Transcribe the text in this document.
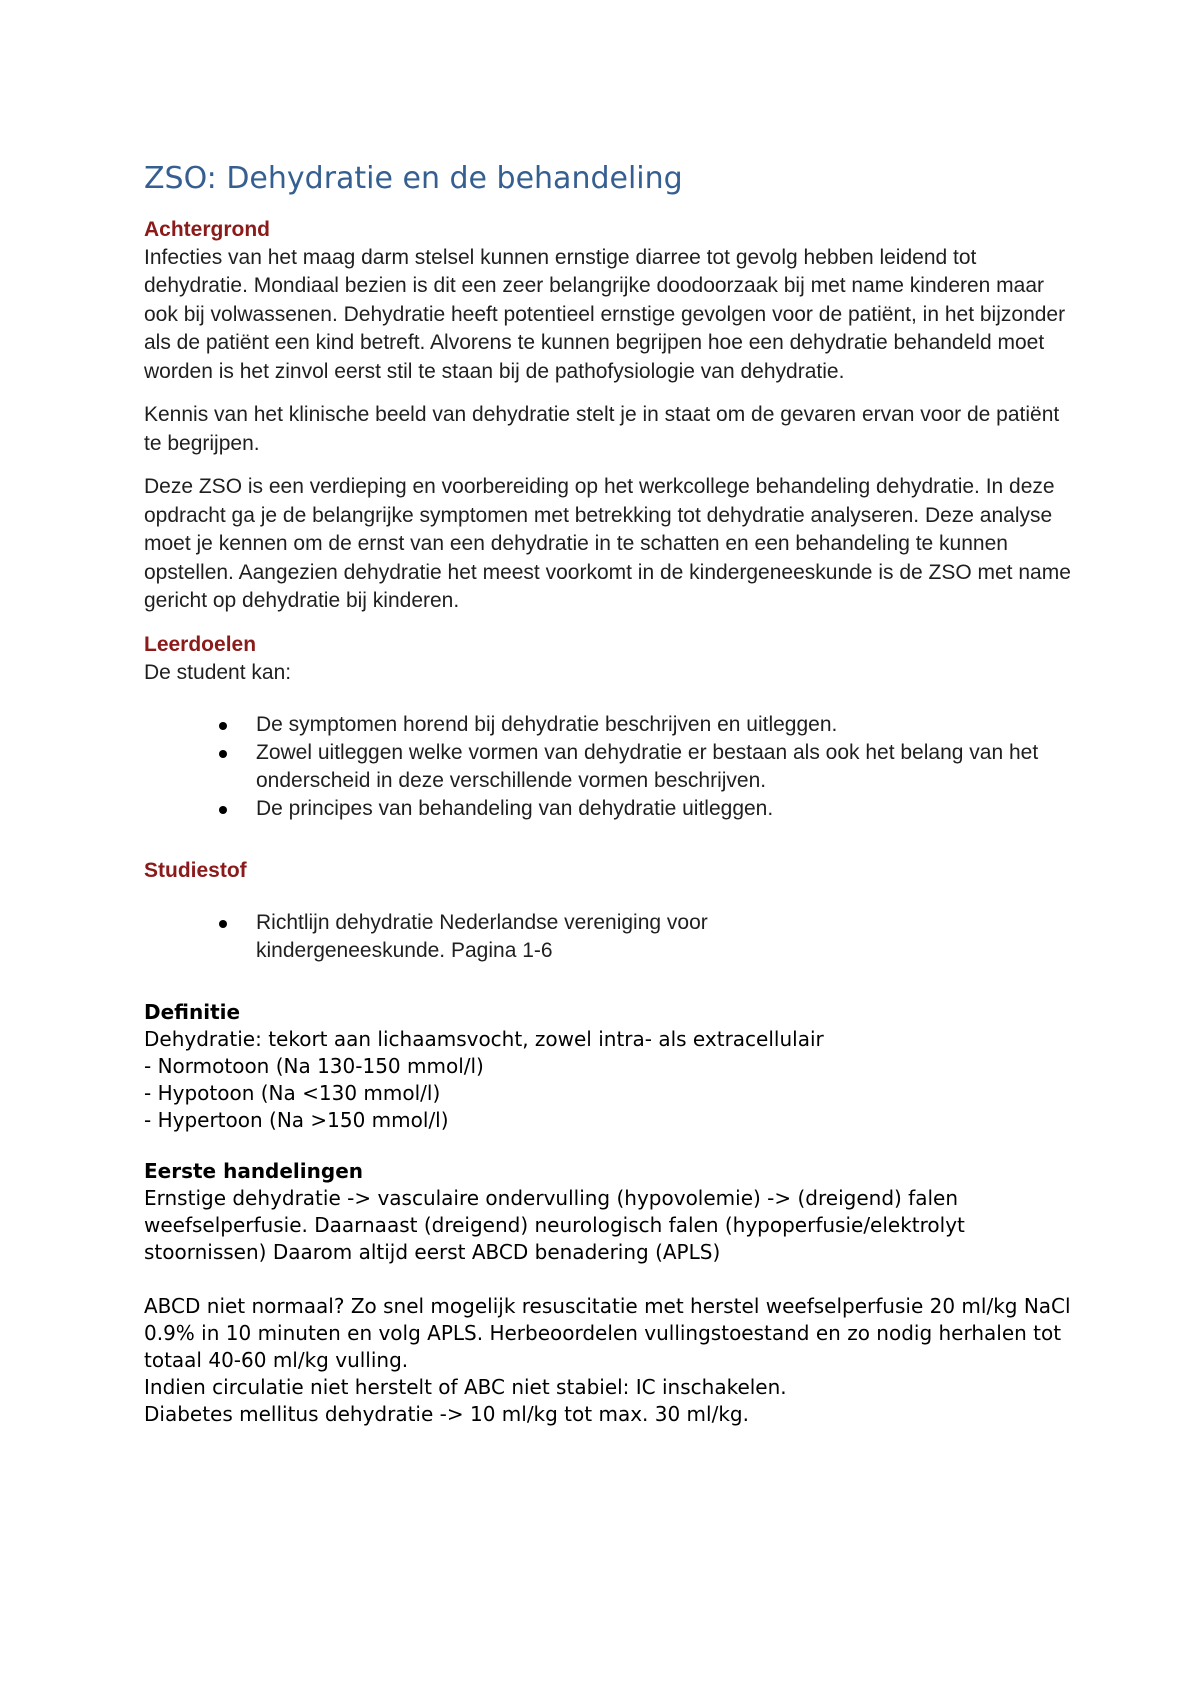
ZSO: Dehydratie en de behandeling
Achtergrond

Infecties van het maag darm stelsel kunnen ernstige diarree tot gevolg hebben leidend tot dehydratie. Mondiaal bezien is dit een zeer belangrijke doodoorzaak bij met name kinderen maar ook bij volwassenen. Dehydratie heeft potentieel ernstige gevolgen voor de patiënt, in het bijzonder als de patiënt een kind betreft. Alvorens te kunnen begrijpen hoe een dehydratie behandeld moet worden is het zinvol eerst stil te staan bij de pathofysiologie van dehydratie.

Kennis van het klinische beeld van dehydratie stelt je in staat om de gevaren ervan voor de patiënt te begrijpen.

Deze ZSO is een verdieping en voorbereiding op het werkcollege behandeling dehydratie. In deze opdracht ga je de belangrijke symptomen met betrekking tot dehydratie analyseren. Deze analyse moet je kennen om de ernst van een dehydratie in te schatten en een behandeling te kunnen opstellen. Aangezien dehydratie het meest voorkomt in de kindergeneeskunde is de ZSO met name gericht op dehydratie bij kinderen.

Leerdoelen

De student kan:

De symptomen horend bij dehydratie beschrijven en uitleggen.
Zowel uitleggen welke vormen van dehydratie er bestaan als ook het belang van het onderscheid in deze verschillende vormen beschrijven.
De principes van behandeling van dehydratie uitleggen.
Studiestof
Richtlijn dehydratie Nederlandse vereniging voor kindergeneeskunde. Pagina 1-6
Definitie

Dehydratie: tekort aan lichaamsvocht, zowel intra- als extracellulair
- Normotoon (Na 130-150 mmol/l)
- Hypotoon (Na <130 mmol/l)
- Hypertoon (Na >150 mmol/l)

Eerste handelingen

Ernstige dehydratie -> vasculaire ondervulling (hypovolemie) -> (dreigend) falen weefselperfusie. Daarnaast (dreigend) neurologisch falen (hypoperfusie/elektrolyt stoornissen) Daarom altijd eerst ABCD benadering (APLS)

ABCD niet normaal? Zo snel mogelijk resuscitatie met herstel weefselperfusie 20 ml/kg NaCl 0.9% in 10 minuten en volg APLS. Herbeoordelen vullingstoestand en zo nodig herhalen tot totaal 40-60 ml/kg vulling.

Indien circulatie niet herstelt of ABC niet stabiel: IC inschakelen.

Diabetes mellitus dehydratie -> 10 ml/kg tot max. 30 ml/kg.
